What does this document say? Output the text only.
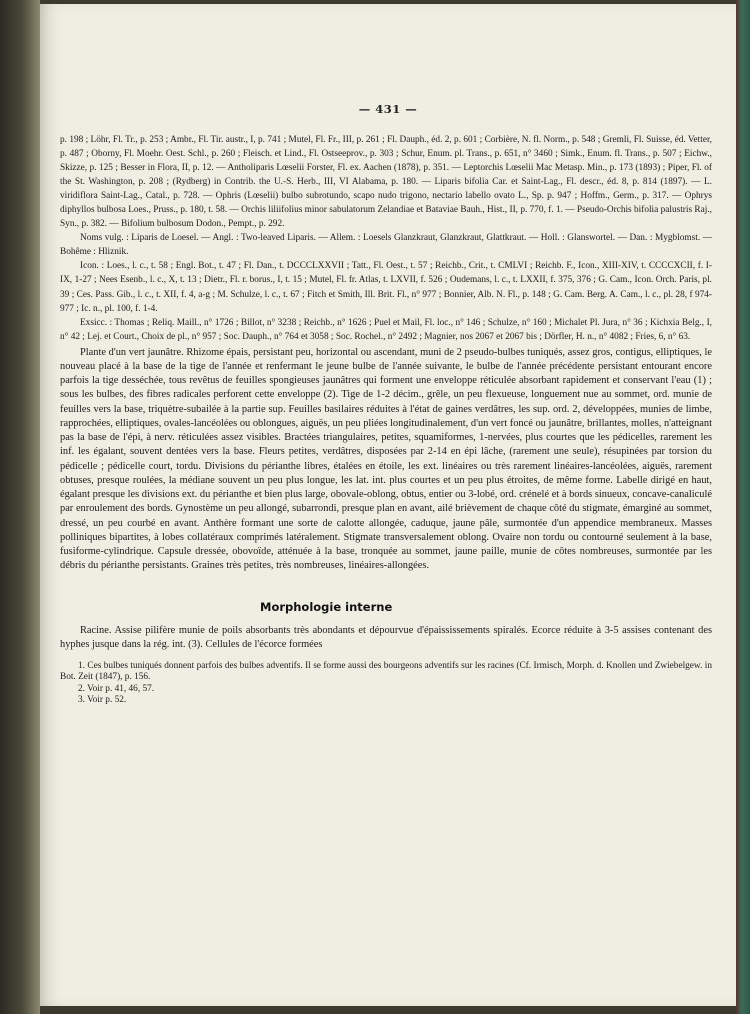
— 431 —

p. 198 ; Löhr, Fl. Tr., p. 253 ; Ambr., Fl. Tir. austr., I, p. 741 ; Mutel, Fl. Fr., III, p. 261 ; Fl. Dauph., éd. 2, p. 601 ; Corbière, N. fl. Norm., p. 548 ; Gremli, Fl. Suisse, éd. Vetter, p. 487 ; Oborny, Fl. Moehr. Oest. Schl., p. 260 ; Fleisch. et Lind., Fl. Ostseeprov., p. 303 ; Schur, Enum. pl. Trans., p. 651, n° 3460 ; Simk., Enum. fl. Trans., p. 507 ; Eichw., Skizze, p. 125 ; Besser in Flora, II, p. 12. — Antholiparis Lœselii Forster, Fl. ex. Aachen (1878), p. 351. — Leptorchis Lœselii Mac Metasp. Min., p. 173 (1893) ; Piper, Fl. of the St. Washington, p. 208 ; (Rydberg) in Contrib. the U.-S. Herb., III, VI Alabama, p. 180. — Liparis bifolia Car. et Saint-Lag., Fl. descr., éd. 8, p. 814 (1897). — L. viridiflora Saint-Lag., Catal., p. 728. — Ophris (Lœselii) bulbo subrotundo, scapo nudo trigono, nectario labello ovato L., Sp. p. 947 ; Hoffm., Germ., p. 317. — Ophrys diphyllos bulbosa Loes., Pruss., p. 180, t. 58. — Orchis liliifolius minor sabulatorum Zelandiae et Bataviae Bauh., Hist., II, p. 770, f. 1. — Pseudo-Orchis bifolia palustris Raj., Syn., p. 382. — Bifolium bulbosum Dodon., Pempt., p. 292.

Noms vulg. : Liparis de Loesel. — Angl. : Two-leaved Liparis. — Allem. : Loesels Glanzkraut, Glanzkraut, Glattkraut. — Holl. : Glanswortel. — Dan. : Mygblomst. — Bohême : Hliznik.

Icon. : Loes., l. c., t. 58 ; Engl. Bot., t. 47 ; Fl. Dan., t. DCCCLXXVII ; Tatt., Fl. Oest., t. 57 ; Reichb., Crit., t. CMLVI ; Reichb. F., Icon., XIII-XIV, t. CCCCXCII, f. I-IX, 1-27 ; Nees Esenb., l. c., X, t. 13 ; Dietr., Fl. r. borus., I, t. 15 ; Mutel, Fl. fr. Atlas, t. LXVII, f. 526 ; Oudemans, l. c., t. LXXII, f. 375, 376 ; G. Cam., Icon. Orch. Paris, pl. 39 ; Ces. Pass. Gib., l. c., t. XII, f. 4, a-g ; M. Schulze, l. c., t. 67 ; Fitch et Smith, Ill. Brit. Fl., n° 977 ; Bonnier, Alb. N. Fl., p. 148 ; G. Cam. Berg. A. Cam., l. c., pl. 28, f 974-977 ; Ic. n., pl. 100, f. 1-4.

Exsicc. : Thomas ; Reliq. Maill., n° 1726 ; Billot, n° 3238 ; Reichb., n° 1626 ; Puel et Mail, Fl. loc., n° 146 ; Schulze, n° 160 ; Michalet Pl. Jura, n° 36 ; Kichxia Belg., I, n° 42 ; Lej. et Court., Choix de pl., n° 957 ; Soc. Dauph., n° 764 et 3058 ; Soc. Rochel., n° 2492 ; Magnier, nos 2067 et 2067 bis ; Dörfler, H. n., n° 4082 ; Fries, 6, n° 63.

Plante d'un vert jaunâtre. Rhizome épais, persistant peu, horizontal ou ascendant, muni de 2 pseudo-bulbes tuniqués, assez gros, contigus, elliptiques, le nouveau placé à la base de la tige de l'année et renfermant le jeune bulbe de l'année suivante, le bulbe de l'année précédente persistant entourant encore parfois la tige desséchée, tous revêtus de feuilles spongieuses jaunâtres qui forment une enveloppe réticulée absorbant rapidement et conservant l'eau (1) ; sous les bulbes, des fibres radicales perforent cette enveloppe (2). Tige de 1-2 décim., grêle, un peu flexueuse, longuement nue au sommet, ord. munie de feuilles vers la base, triquètre-subailée à la partie sup. Feuilles basilaires réduites à l'état de gaines verdâtres, les sup. ord. 2, développées, munies de limbe, rapprochées, elliptiques, ovales-lancéolées ou oblongues, aiguës, un peu pliées longitudinalement, d'un vert foncé ou jaunâtre, brillantes, molles, n'atteignant pas la base de l'épi, à nerv. réticulées assez visibles. Bractées triangulaires, petites, squamiformes, 1-nervées, plus courtes que les pédicelles, rarement les inf. les égalant, souvent dentées vers la base. Fleurs petites, verdâtres, disposées par 2-14 en épi lâche, (rarement une seule), résupinées par torsion du pédicelle ; pédicelle court, tordu. Divisions du périanthe libres, étalées en étoile, les ext. linéaires ou très rarement linéaires-lancéolées, aiguës, rarement obtuses, presque roulées, la médiane souvent un peu plus longue, les lat. int. plus courtes et un peu plus étroites, de même forme. Labelle dirigé en haut, égalant presque les divisions ext. du périanthe et bien plus large, obovale-oblong, obtus, entier ou 3-lobé, ord. crénelé et à bords sinueux, concave-canaliculé par enroulement des bords. Gynostème un peu allongé, subarrondi, presque plan en avant, ailé brièvement de chaque côté du stigmate, émarginé au sommet, dressé, un peu courbé en avant. Anthère formant une sorte de calotte allongée, caduque, jaune pâle, surmontée d'un appendice membraneux. Masses polliniques bipartites, à lobes collatéraux comprimés latéralement. Stigmate transversalement oblong. Ovaire non tordu ou contourné seulement à la base, fusiforme-cylindrique. Capsule dressée, obovoïde, atténuée à la base, tronquée au sommet, jaune paille, munie de côtes nombreuses, surmontée par les débris du périanthe persistants. Graines très petites, très nombreuses, linéaires-allongées.

Morphologie interne

Racine. Assise pilifère munie de poils absorbants très abondants et dépourvue d'épaississements spiralés. Ecorce réduite à 3-5 assises contenant des hyphes jusque dans la rég. int. (3). Cellules de l'écorce formées

1. Ces bulbes tuniqués donnent parfois des bulbes adventifs. Il se forme aussi des bourgeons adventifs sur les racines (Cf. Irmisch, Morph. d. Knollen und Zwiebelgew. in Bot. Zeit (1847), p. 156.

2. Voir p. 41, 46, 57.

3. Voir p. 52.
